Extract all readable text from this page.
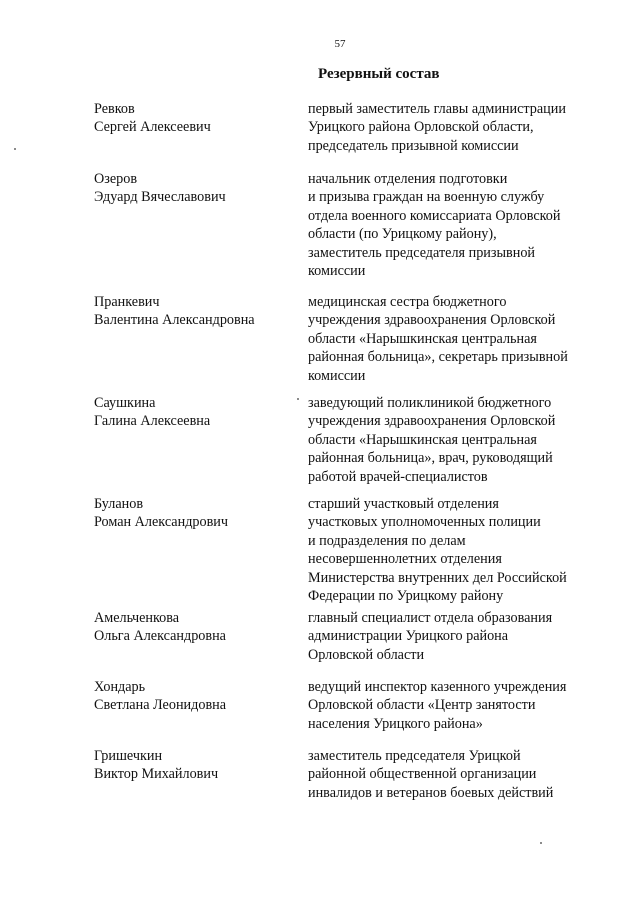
57
Резервный состав
Ревков
Сергей Алексеевич
первый заместитель главы администрации
Урицкого района Орловской области,
председатель призывной комиссии
Озеров
Эдуард Вячеславович
начальник отделения подготовки
и призыва граждан на военную службу
отдела военного комиссариата Орловской
области (по Урицкому району),
заместитель председателя призывной
комиссии
Пранкевич
Валентина Александровна
медицинская сестра бюджетного
учреждения здравоохранения Орловской
области «Нарышкинская центральная
районная больница», секретарь призывной
комиссии
Саушкина
Галина Алексеевна
заведующий поликлиникой бюджетного
учреждения здравоохранения Орловской
области «Нарышкинская центральная
районная больница», врач, руководящий
работой врачей-специалистов
Буланов
Роман Александрович
старший участковый отделения
участковых уполномоченных полиции
и подразделения по делам
несовершеннолетних отделения
Министерства внутренних дел Российской
Федерации по Урицкому району
Амельченкова
Ольга Александровна
главный специалист отдела образования
администрации Урицкого района
Орловской области
Хондарь
Светлана Леонидовна
ведущий инспектор казенного учреждения
Орловской области «Центр занятости
населения Урицкого района»
Гришечкин
Виктор Михайлович
заместитель председателя Урицкой
районной общественной организации
инвалидов и ветеранов боевых действий
